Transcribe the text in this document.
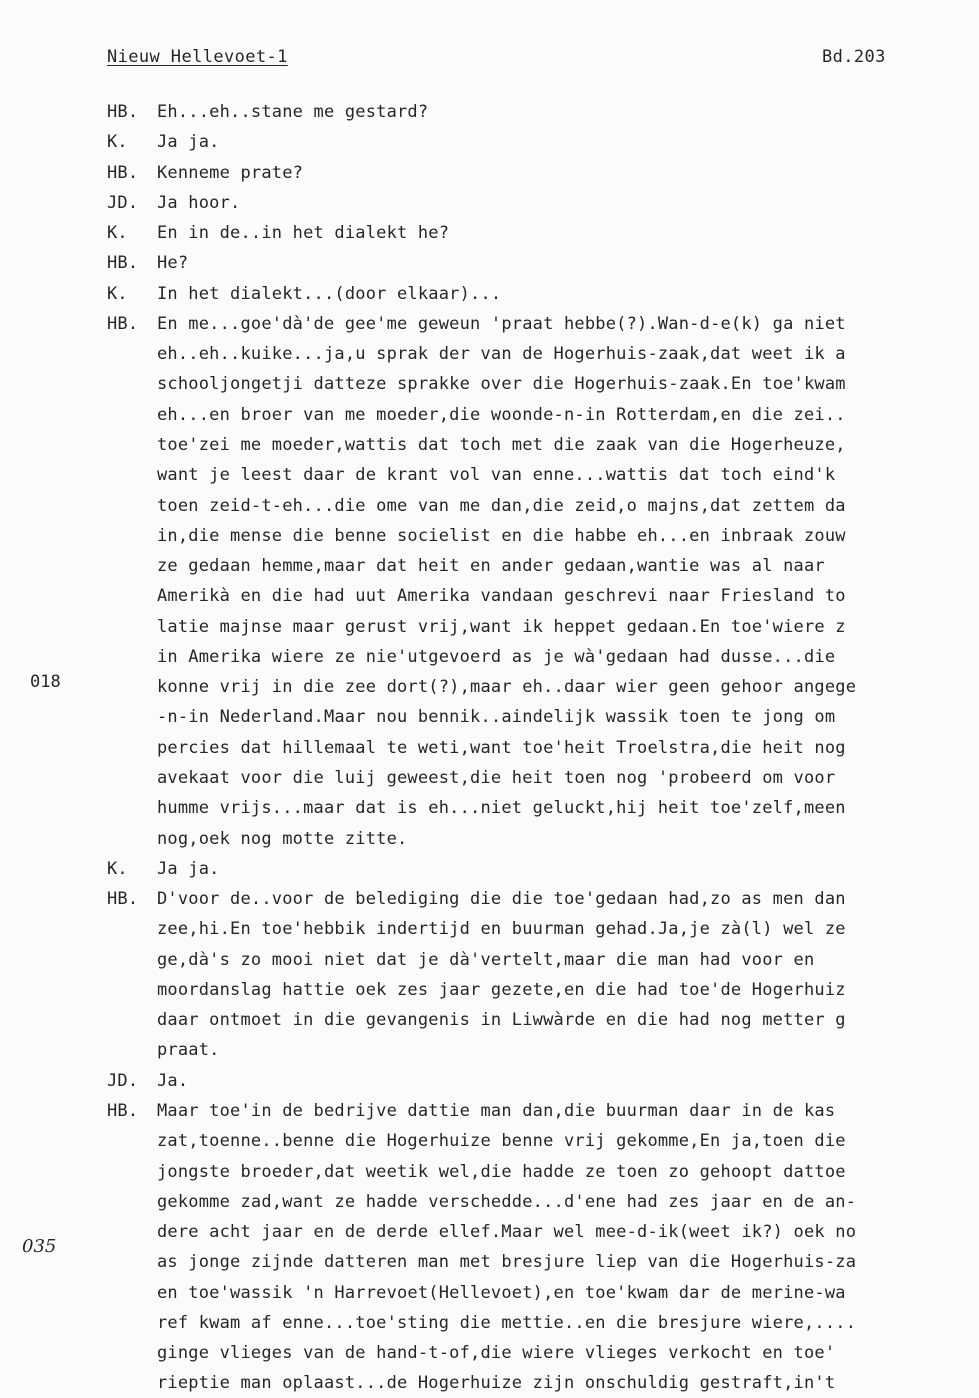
Nieuw Hellevoet-1	Bd.203
018
035
HB. Eh...eh..stane me gestard?
K. Ja ja.
HB. Kenneme prate?
JD. Ja hoor.
K. En in de..in het dialekt he?
HB. He?
K. In het dialekt...(door elkaar)...
HB. En me...goe'dà'de gee'me geweun 'praat hebbe(?).Wan-d-e(k) ga niet
eh..eh..kuike...ja,u sprak der van de Hogerhuis-zaak,dat weet ik a
schooljongetji datteze sprakke over die Hogerhuis-zaak.En toe'kwam
eh...en broer van me moeder,die woonde-n-in Rotterdam,en die zei..
toe'zei me moeder,wattis dat toch met die zaak van die Hogerheuze,
want je leest daar de krant vol van enne...wattis dat toch eind'k
toen zeid-t-eh...die ome van me dan,die zeid,o majns,dat zettem da
in,die mense die benne socielist en die habbe eh...en inbraak zouw
ze gedaan hemme,maar dat heit en ander gedaan,wantie was al naar
Amerikà en die had uut Amerika vandaan geschrevi naar Friesland to
latie majnse maar gerust vrij,want ik heppet gedaan.En toe'wiere z
in Amerika wiere ze nie'utgevoerd as je wà'gedaan had dusse...die
konne vrij in die zee dort(?),maar eh..daar wier geen gehoor angege
-n-in Nederland.Maar nou bennik..aindelijk wassik toen te jong om
percies dat hillemaal te weti,want toe'heit Troelstra,die heit nog
avekaat voor die luij geweest,die heit toen nog 'probeerd om voor
humme vrijs...maar dat is eh...niet geluckt,hij heit toe'zelf,meen
nog,oek nog motte zitte.
K. Ja ja.
HB. D'voor de..voor de belediging die die toe'gedaan had,zo as men dan
zee,hi.En toe'hebbik indertijd en buurman gehad.Ja,je zà(l) wel ze
ge,dà's zo mooi niet dat je dà'vertelt,maar die man had voor en
moordanslag hattie oek zes jaar gezete,en die had toe'de Hogerhuiz
daar ontmoet in die gevangenis in Liwwàrde en die had nog metter g
praat.
JD. Ja.
HB. Maar toe'in de bedrijve dattie man dan,die buurman daar in de kas
zat,toenne..benne die Hogerhuize benne vrij gekomme,En ja,toen die
jongste broeder,dat weetik wel,die hadde ze toen zo gehoopt dattoe
gekomme zad,want ze hadde verschedde...d'ene had zes jaar en de an-
dere acht jaar en de derde ellef.Maar wel mee-d-ik(weet ik?) oek no
as jonge zijnde datteren man met bresjure liep van die Hogerhuis-za
en toe'wassik 'n Harrevoet(Hellevoet),en toe'kwam dar de merine-wa
ref kwam af enne...toe'sting die mettie..en die bresjure wiere,....
ginge vlieges van de hand-t-of,die wiere vlieges verkocht en toe'
rieptie man oplaast...de Hogerhuize zijn onschuldig gestraft,in't
